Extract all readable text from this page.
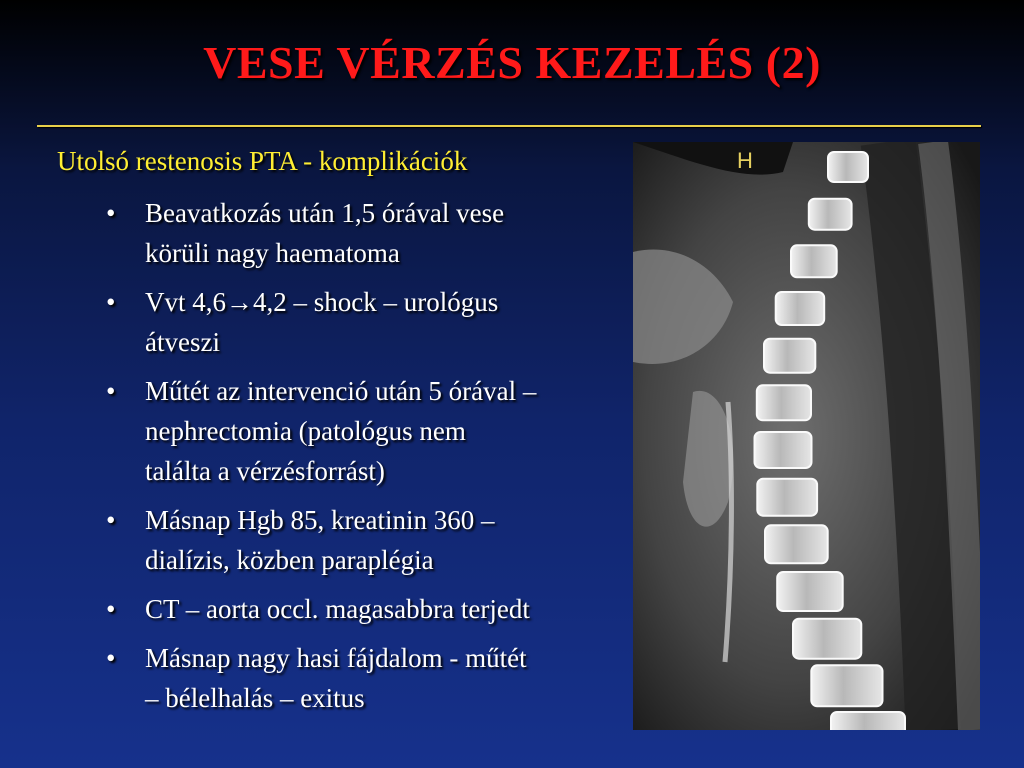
VESE VÉRZÉS KEZELÉS (2)
Utolsó restenosis PTA - komplikációk
• Beavatkozás után 1,5 órával vese
körüli nagy haematoma
• Vvt 4,6→4,2 – shock – urológus
átveszi
• Műtét az intervenció után 5 órával –
nephrectomia (patológus nem
találta a vérzésforrást)
• Másnap Hgb 85, kreatinin 360 –
dialízis, közben paraplégia
• CT – aorta occl. magasabbra terjedt
• Másnap nagy hasi fájdalom - műtét
– bélelhalás – exitus
H
